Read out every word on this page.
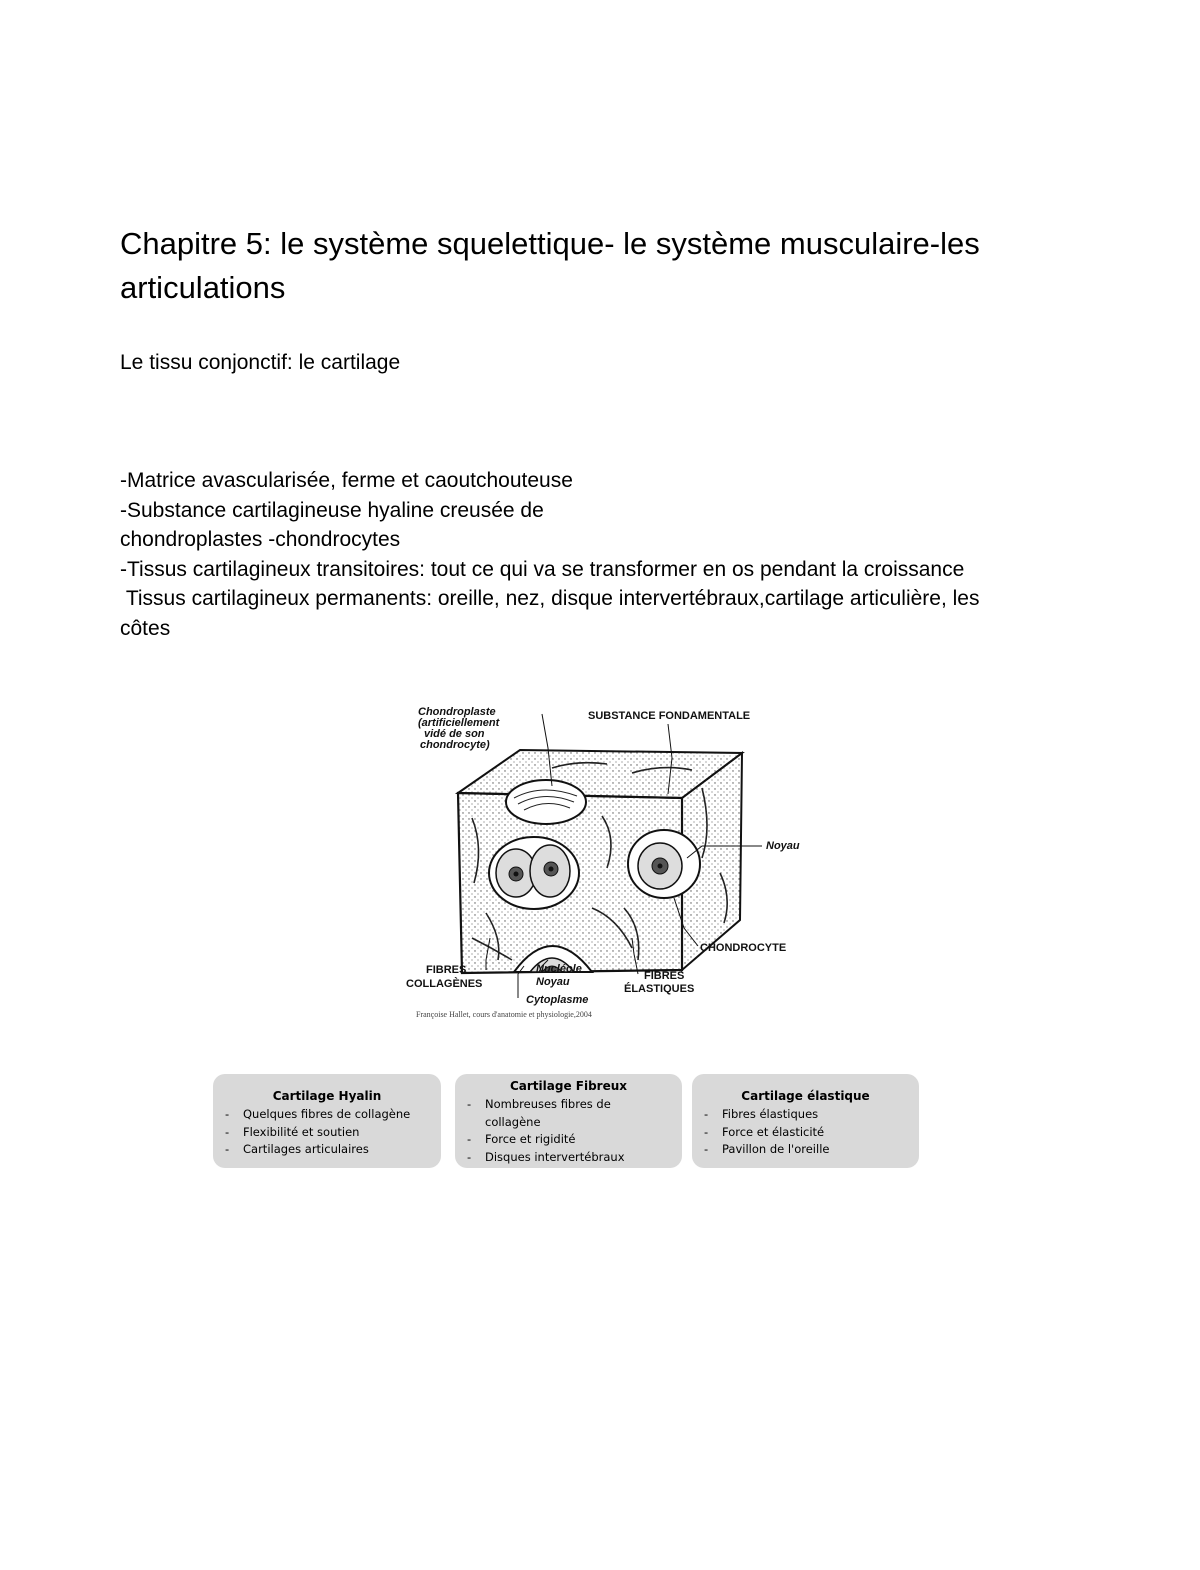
Chapitre 5: le système squelettique- le système musculaire-les articulations
Le tissu conjonctif: le cartilage
-Matrice avascularisée, ferme et caoutchouteuse
-Substance cartilagineuse hyaline creusée de chondroplastes -chondrocytes
-Tissus cartilagineux transitoires: tout ce qui va se transformer en os pendant la croissance
Tissus cartilagineux permanents: oreille, nez, disque intervertébraux,cartilage articulière, les côtes
Chondroplaste
(artificiellement
vidé de son
chondrocyte)
SUBSTANCE FONDAMENTALE
Noyau
CHONDROCYTE
FIBRES
COLLAGÈNES
Nucléole
Noyau
Cytoplasme
FIBRES
ÉLASTIQUES
Françoise Hallet, cours d'anatomie et physiologie,2004
Cartilage Hyalin
- Quelques fibres de collagène
- Flexibilité et soutien
- Cartilages articulaires
Cartilage Fibreux
- Nombreuses fibres de collagène
- Force et rigidité
- Disques intervertébraux
Cartilage élastique
- Fibres élastiques
- Force et élasticité
- Pavillon de l'oreille
